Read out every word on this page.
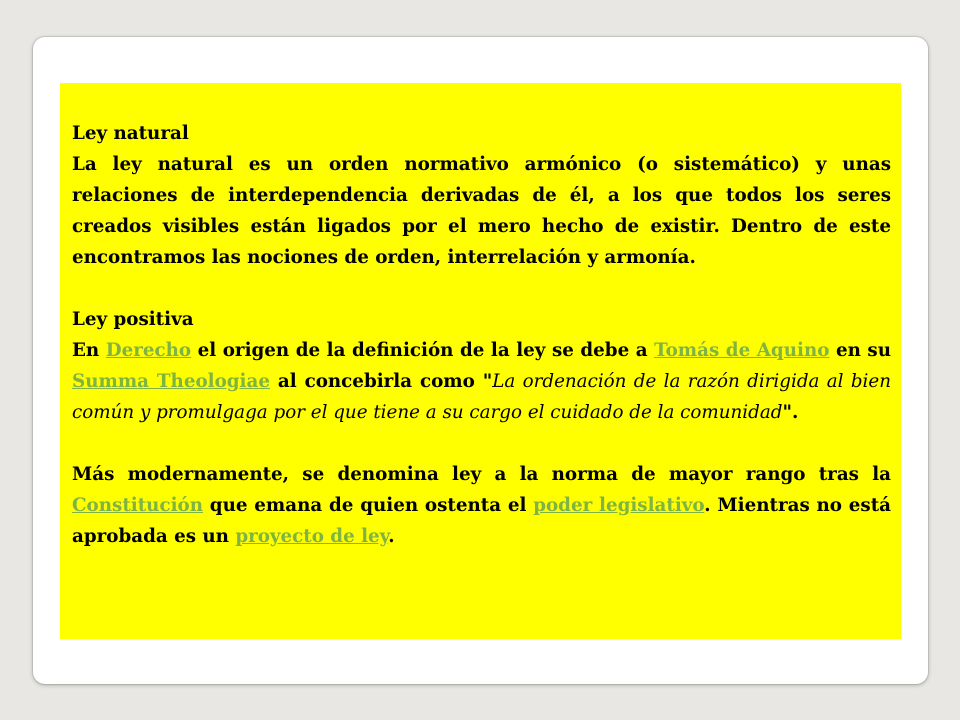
Ley natural

La ley natural es un orden normativo armónico (o sistemático) y unas relaciones de interdependencia derivadas de él, a los que todos los seres creados visibles están ligados por el mero hecho de existir. Dentro de este encontramos las nociones de orden, interrelación y armonía.

Ley positiva

En Derecho el origen de la definición de la ley se debe a Tomás de Aquino en su Summa Theologiae al concebirla como "La ordenación de la razón dirigida al bien común y promulgaga por el que tiene a su cargo el cuidado de la comunidad".

Más modernamente, se denomina ley a la norma de mayor rango tras la Constitución que emana de quien ostenta el poder legislativo. Mientras no está aprobada es un proyecto de ley.
